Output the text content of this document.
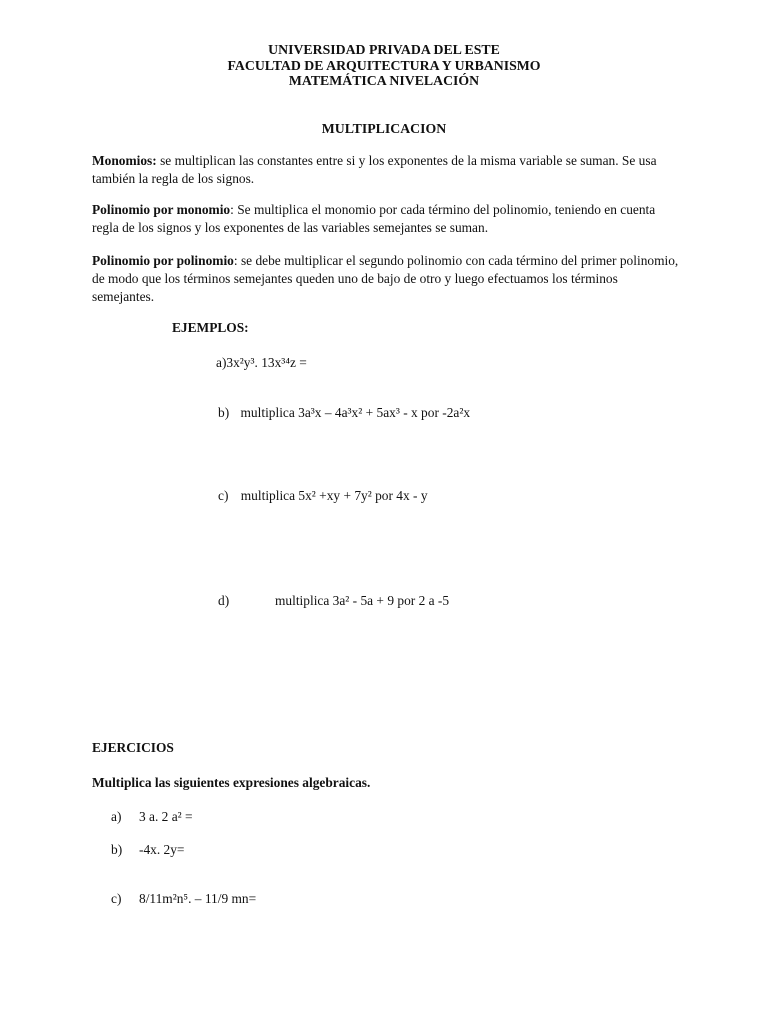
UNIVERSIDAD PRIVADA DEL ESTE
FACULTAD DE ARQUITECTURA Y URBANISMO
MATEMÁTICA NIVELACIÓN
MULTIPLICACION
Monomios: se multiplican las constantes entre si y los exponentes de la misma variable se suman. Se usa también la regla de los signos.
Polinomio por monomio: Se multiplica el monomio por cada término del polinomio, teniendo en cuenta regla de los signos y los exponentes de las variables semejantes se suman.
Polinomio por polinomio: se debe multiplicar el segundo polinomio con cada término del primer polinomio, de modo que los términos semejantes queden uno de bajo de otro y luego efectuamos los términos semejantes.
EJEMPLOS:
a)3x²y³. 13x³⁴z =
b) multiplica 3a³x – 4a³x² + 5ax³ - x por -2a²x
c) multiplica 5x² +xy + 7y² por 4x - y
d)	multiplica 3a² - 5a + 9 por 2 a -5
EJERCICIOS
Multiplica las siguientes expresiones algebraicas.
a) 3 a. 2 a² =
b) -4x. 2y=
c) 8/11m²n⁵. – 11/9 mn=
